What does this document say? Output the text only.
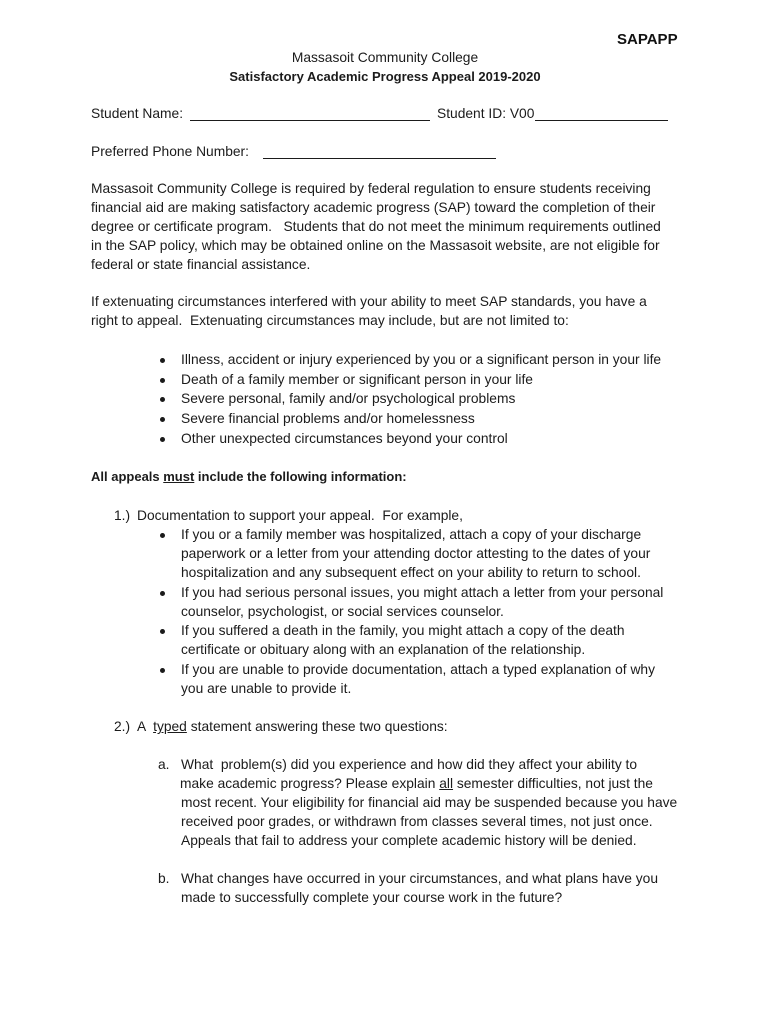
SAPAPP
Massasoit Community College
Satisfactory Academic Progress Appeal 2019-2020
Student Name:	Student ID: V00
Preferred Phone Number:
Massasoit Community College is required by federal regulation to ensure students receiving
financial aid are making satisfactory academic progress (SAP) toward the completion of their
degree or certificate program.   Students that do not meet the minimum requirements outlined
in the SAP policy, which may be obtained online on the Massasoit website, are not eligible for
federal or state financial assistance.
If extenuating circumstances interfered with your ability to meet SAP standards, you have a
right to appeal.  Extenuating circumstances may include, but are not limited to:
Illness, accident or injury experienced by you or a significant person in your life
Death of a family member or significant person in your life
Severe personal, family and/or psychological problems
Severe financial problems and/or homelessness
Other unexpected circumstances beyond your control
All appeals must include the following information:
1.) Documentation to support your appeal.  For example,
If you or a family member was hospitalized, attach a copy of your discharge
paperwork or a letter from your attending doctor attesting to the dates of your
hospitalization and any subsequent effect on your ability to return to school.
If you had serious personal issues, you might attach a letter from your personal
counselor, psychologist, or social services counselor.
If you suffered a death in the family, you might attach a copy of the death
certificate or obituary along with an explanation of the relationship.
If you are unable to provide documentation, attach a typed explanation of why
you are unable to provide it.
2.) A  typed statement answering these two questions:
a. What  problem(s) did you experience and how did they affect your ability to
make academic progress? Please explain all semester difficulties, not just the
most recent. Your eligibility for financial aid may be suspended because you have
received poor grades, or withdrawn from classes several times, not just once.
Appeals that fail to address your complete academic history will be denied.
b. What changes have occurred in your circumstances, and what plans have you
made to successfully complete your course work in the future?
